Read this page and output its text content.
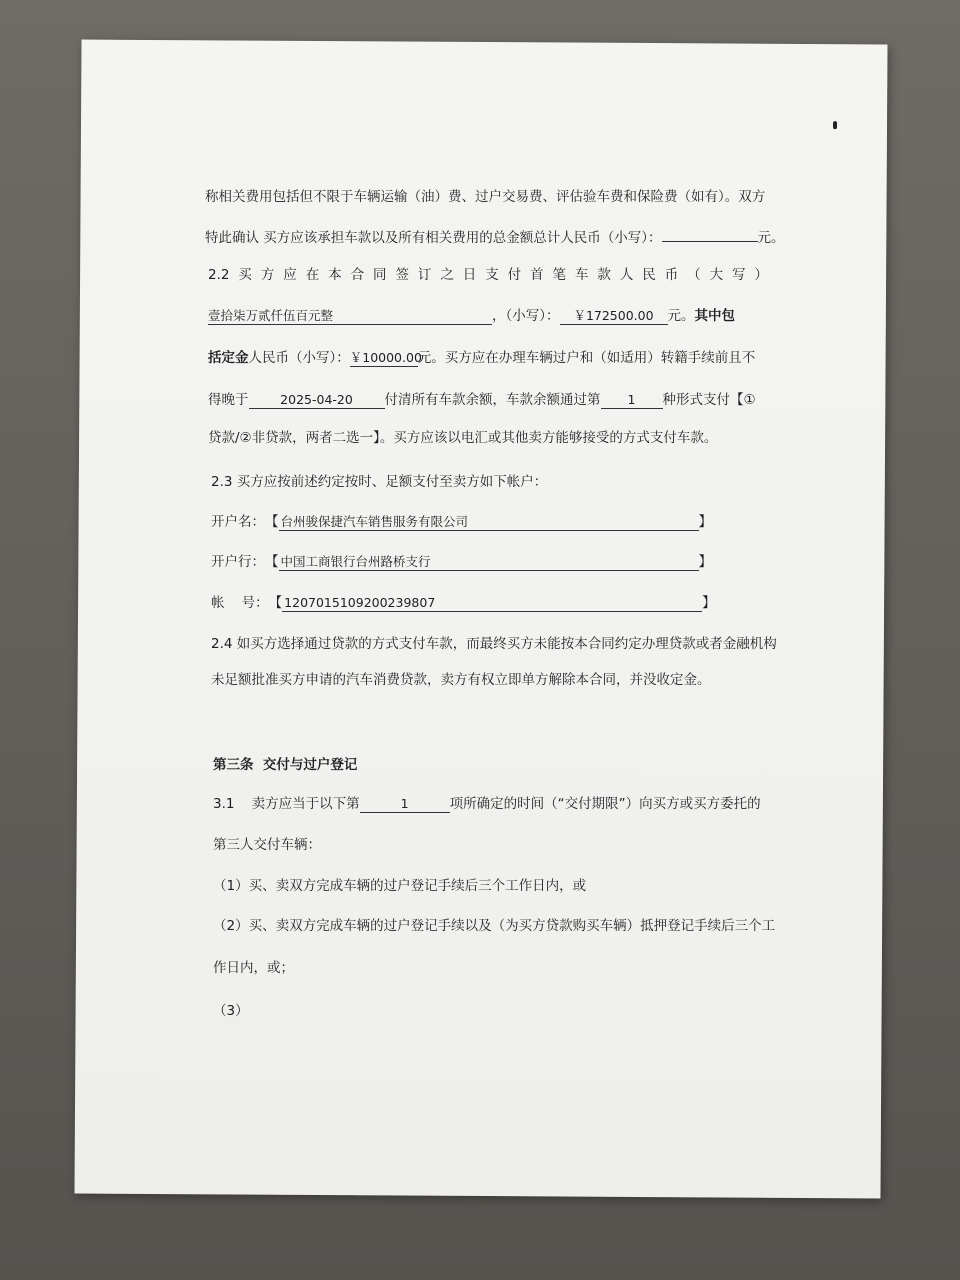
称相关费用包括但不限于车辆运输（油）费、过户交易费、评估验车费和保险费（如有）。双方
特此确认 买方应该承担车款以及所有相关费用的总金额总计人民币（小写）：	元。
2.2 买 方 应 在 本 合 同 签 订 之 日 支 付 首 笔 车 款 人 民 币 （ 大 写 ）
壹拾柒万贰仟伍百元整	，（小写）： ￥172500.00 元。其中包
括定金人民币（小写）：￥10000.00元。买方应在办理车辆过户和（如适用）转籍手续前且不
得晚于	2025-04-20 付清所有车款余额，车款余额通过第 1 种形式支付【①
贷款/②非贷款，两者二选一】。买方应该以电汇或其他卖方能够接受的方式支付车款。
2.3 买方应按前述约定按时、足额支付至卖方如下帐户：
开户名： 【 台州骏保捷汽车销售服务有限公司	】
开户行： 【 中国工商银行台州路桥支行	】
帐    号： 【 1207015109200239807	】
2.4 如买方选择通过贷款的方式支付车款，而最终买方未能按本合同约定办理贷款或者金融机构
未足额批准买方申请的汽车消费贷款，卖方有权立即单方解除本合同，并没收定金。
第三条  交付与过户登记
3.1    卖方应当于以下第	1	项所确定的时间（“交付期限”）向买方或买方委托的
第三人交付车辆：
（1）买、卖双方完成车辆的过户登记手续后三个工作日内，或
（2）买、卖双方完成车辆的过户登记手续以及（为买方贷款购买车辆）抵押登记手续后三个工
作日内，或；
（3）
